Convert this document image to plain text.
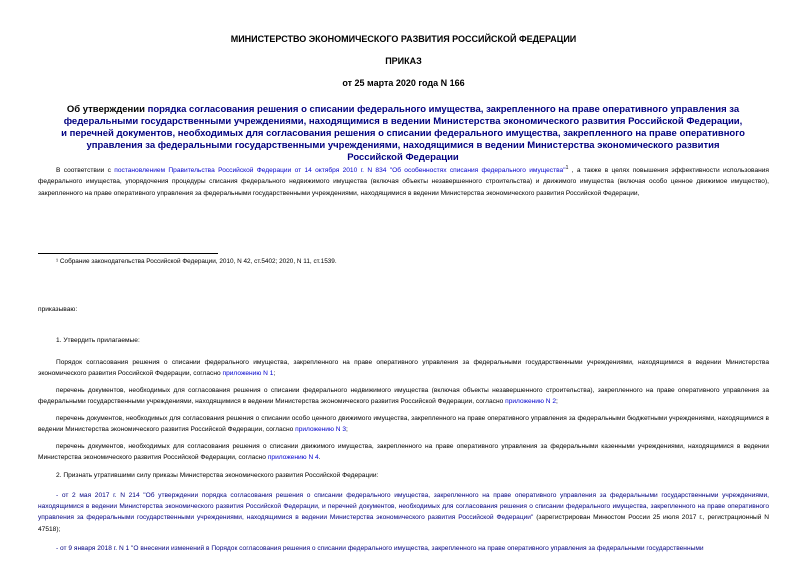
МИНИСТЕРСТВО ЭКОНОМИЧЕСКОГО РАЗВИТИЯ РОССИЙСКОЙ ФЕДЕРАЦИИ
ПРИКАЗ
от 25 марта 2020 года N 166
Об утверждении порядка согласования решения о списании федерального имущества, закрепленного на праве оперативного управления за федеральными государственными учреждениями, находящимися в ведении Министерства экономического развития Российской Федерации, и перечней документов, необходимых для согласования решения о списании федерального имущества, закрепленного на праве оперативного управления за федеральными государственными учреждениями, находящимися в ведении Министерства экономического развития Российской Федерации
В соответствии с постановлением Правительства Российской Федерации от 14 октября 2010 г. N 834 "Об особенностях списания федерального имущества"$^1$ , а также в целях повышения эффективности использования федерального имущества, упорядочения процедуры списания федерального недвижимого имущества (включая объекты незавершенного строительства) и движимого имущества (включая особо ценное движимое имущество), закрепленного на праве оперативного управления за федеральными государственными учреждениями, находящимися в ведении Министерства экономического развития Российской Федерации,
¹ Собрание законодательства Российской Федерации, 2010, N 42, ст.5402; 2020, N 11, ст.1539.
приказываю:
1. Утвердить прилагаемые:
Порядок согласования решения о списании федерального имущества, закрепленного на праве оперативного управления за федеральными государственными учреждениями, находящимися в ведении Министерства экономического развития Российской Федерации, согласно приложению N 1;
перечень документов, необходимых для согласования решения о списании федерального недвижимого имущества (включая объекты незавершенного строительства), закрепленного на праве оперативного управления за федеральными государственными учреждениями, находящимися в ведении Министерства экономического развития Российской Федерации, согласно приложению N 2;
перечень документов, необходимых для согласования решения о списании особо ценного движимого имущества, закрепленного на праве оперативного управления за федеральными бюджетными учреждениями, находящимися в ведении Министерства экономического развития Российской Федерации, согласно приложению N 3;
перечень документов, необходимых для согласования решения о списании движимого имущества, закрепленного на праве оперативного управления за федеральными казенными учреждениями, находящимися в ведении Министерства экономического развития Российской Федерации, согласно приложению N 4.
2. Признать утратившими силу приказы Министерства экономического развития Российской Федерации:
- от 2 мая 2017 г. N 214 "Об утверждении порядка согласования решения о списании федерального имущества, закрепленного на праве оперативного управления за федеральными государственными учреждениями, находящимися в ведении Министерства экономического развития Российской Федерации, и перечней документов, необходимых для согласования решения о списании федерального имущества, закрепленного на праве оперативного управления за федеральными государственными учреждениями, находящимися в ведении Министерства экономического развития Российской Федерации" (зарегистрирован Минюстом России 25 июля 2017 г., регистрационный N 47518);
- от 9 января 2018 г. N 1 "О внесении изменений в Порядок согласования решения о списании федерального имущества, закрепленного на праве оперативного управления за федеральными государственными
